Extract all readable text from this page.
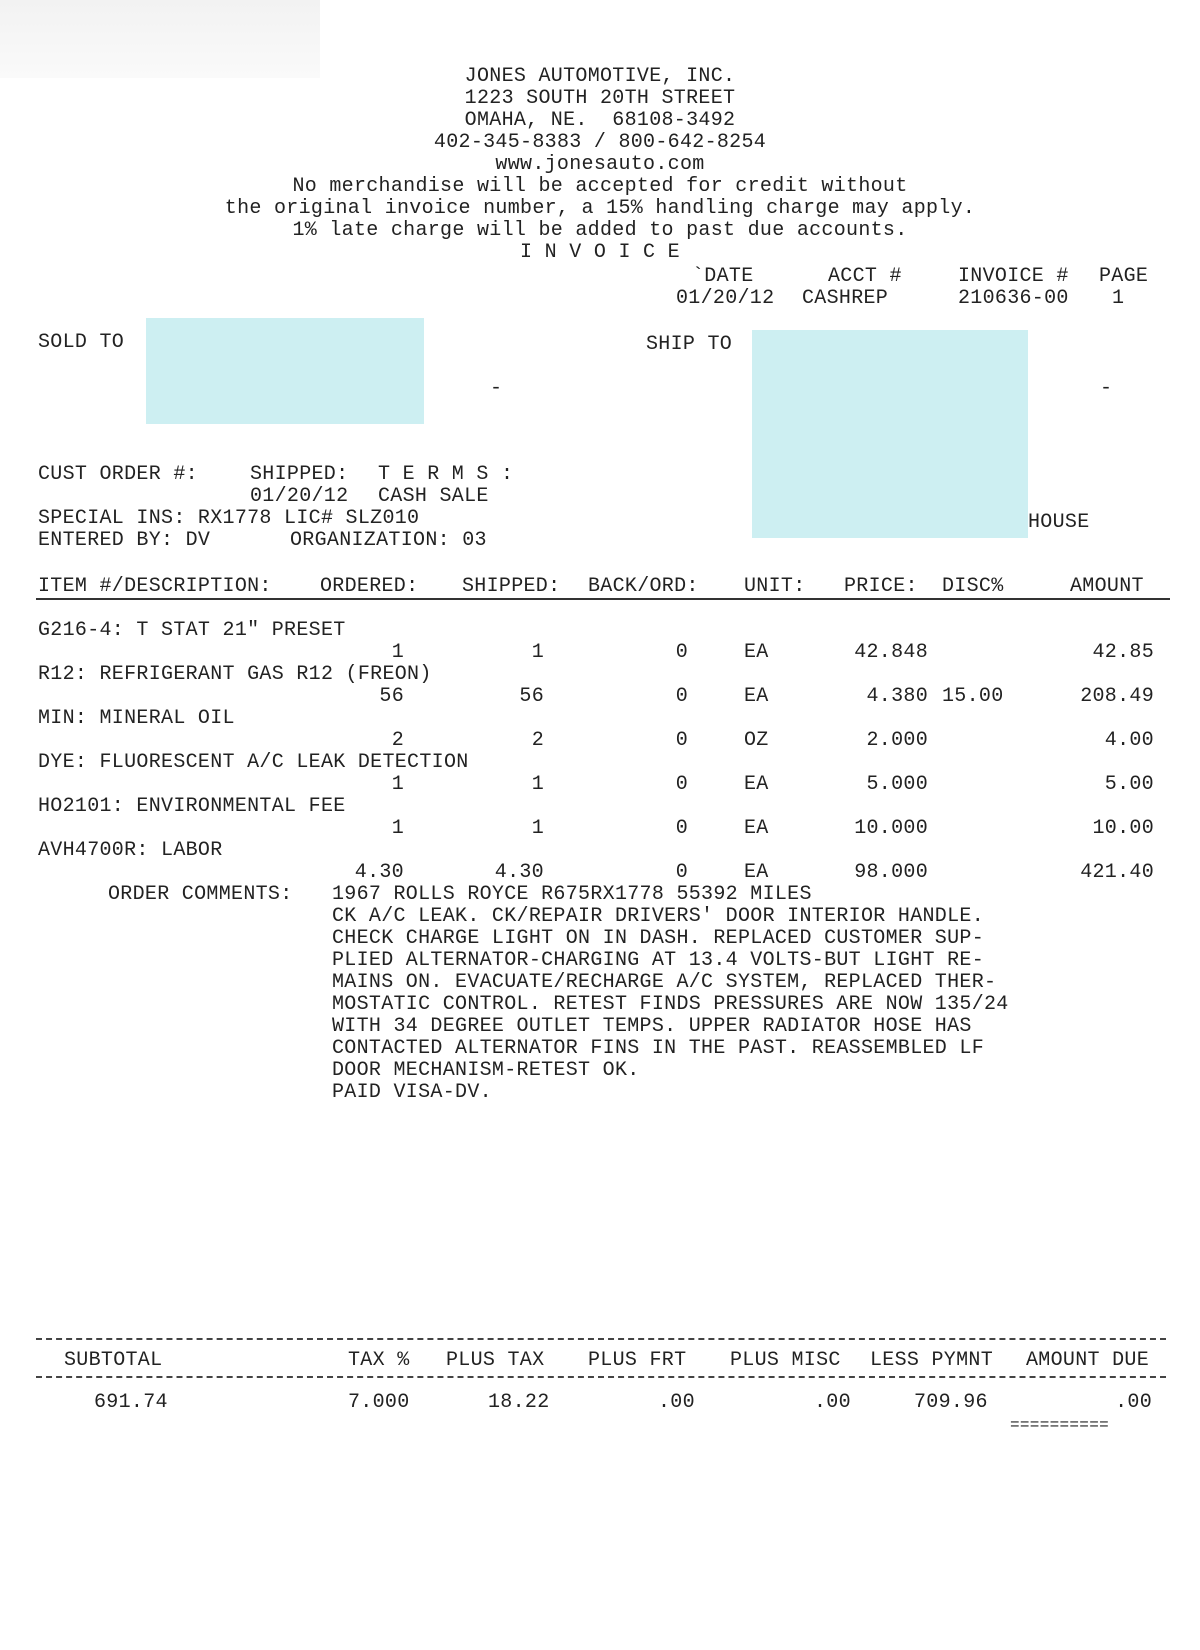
JONES AUTOMOTIVE, INC.
1223 SOUTH 20TH STREET
OMAHA, NE.  68108-3492
402-345-8383 / 800-642-8254
www.jonesauto.com
No merchandise will be accepted for credit without
the original invoice number, a 15% handling charge may apply.
1% late charge will be added to past due accounts.
I N V O I C E
`DATE	ACCT #	INVOICE # PAGE
01/20/12 CASHREP	210636-00 1
SOLD TO
-
SHIP TO
-
HOUSE
CUST ORDER #:	SHIPPED: T E R M S :
01/20/12 CASH SALE
SPECIAL INS: RX1778 LIC# SLZ010
ENTERED BY: DV	ORGANIZATION: 03
ITEM #/DESCRIPTION: ORDERED: SHIPPED: BACK/ORD: UNIT: PRICE: DISC%	AMOUNT
G216-4: T STAT 21" PRESET
1	1	0	EA	42.848	42.85
R12: REFRIGERANT GAS R12 (FREON)
56	56	0	EA	4.380 15.00	208.49
MIN: MINERAL OIL
2	2	0	OZ	2.000	4.00
DYE: FLUORESCENT A/C LEAK DETECTION
1	1	0	EA	5.000	5.00
HO2101: ENVIRONMENTAL FEE
1	1	0	EA	10.000	10.00
AVH4700R: LABOR
4.30	4.30	0	EA	98.000	421.40
ORDER COMMENTS: 1967 ROLLS ROYCE R675RX1778 55392 MILES
CK A/C LEAK. CK/REPAIR DRIVERS' DOOR INTERIOR HANDLE.
CHECK CHARGE LIGHT ON IN DASH. REPLACED CUSTOMER SUP-
PLIED ALTERNATOR-CHARGING AT 13.4 VOLTS-BUT LIGHT RE-
MAINS ON. EVACUATE/RECHARGE A/C SYSTEM, REPLACED THER-
MOSTATIC CONTROL. RETEST FINDS PRESSURES ARE NOW 135/24
WITH 34 DEGREE OUTLET TEMPS. UPPER RADIATOR HOSE HAS
CONTACTED ALTERNATOR FINS IN THE PAST. REASSEMBLED LF
DOOR MECHANISM-RETEST OK.
PAID VISA-DV.
SUBTOTAL	TAX % PLUS TAX PLUS FRT PLUS MISC LESS PYMNT AMOUNT DUE
691.74	7.000	18.22	.00	.00	709.96	.00
==========
